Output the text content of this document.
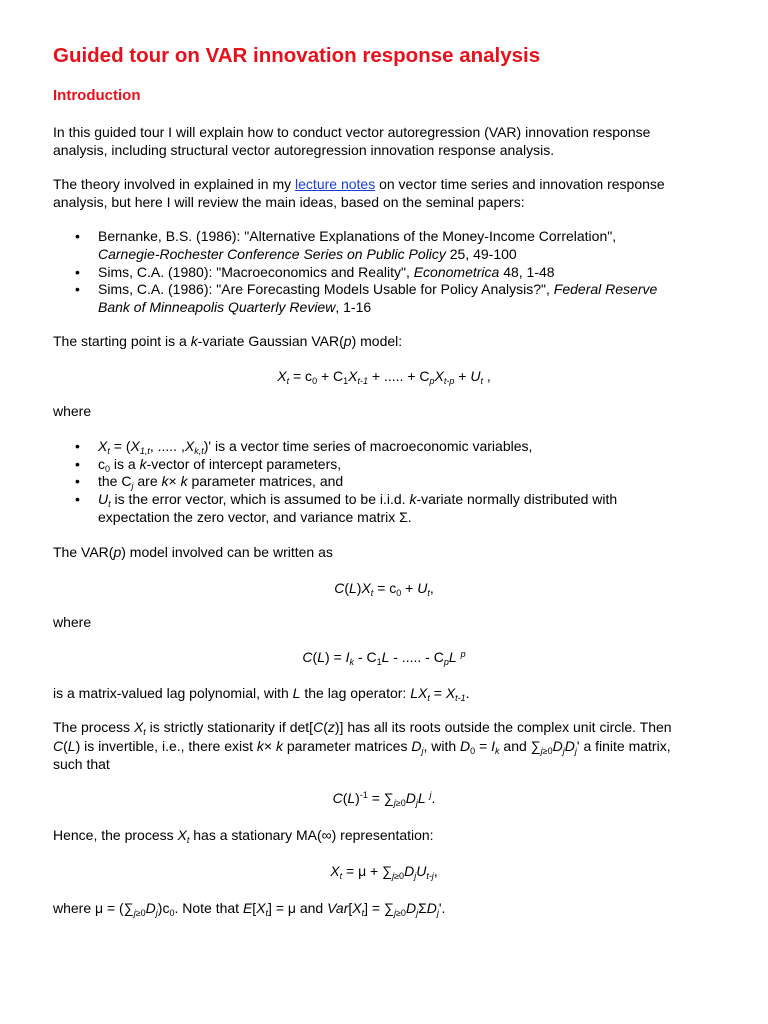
Guided tour on VAR innovation response analysis
Introduction
In this guided tour I will explain how to conduct vector autoregression (VAR) innovation response
analysis, including structural vector autoregression innovation response analysis.
The theory involved in explained in my lecture notes on vector time series and innovation response
analysis, but here I will review the main ideas, based on the seminal papers:
• Bernanke, B.S. (1986): "Alternative Explanations of the Money-Income Correlation",
Carnegie-Rochester Conference Series on Public Policy 25, 49-100
• Sims, C.A. (1980): "Macroeconomics and Reality", Econometrica 48, 1-48
• Sims, C.A. (1986): "Are Forecasting Models Usable for Policy Analysis?", Federal Reserve
Bank of Minneapolis Quarterly Review, 1-16
The starting point is a k-variate Gaussian VAR(p) model:
$X_t = c_0 + C_1X_{t-1}$ + ..... + $C_pX_{t-p} + U_t$ ,
where
• $X_t = (X_{1,t}$, ..... $,X_{k,t})'$ is a vector time series of macroeconomic variables,
• $c_0$ is a k-vector of intercept parameters,
• the $C_j$ are k× k parameter matrices, and
• $U_t$ is the error vector, which is assumed to be i.i.d. k-variate normally distributed with
expectation the zero vector, and variance matrix Σ.
The VAR(p) model involved can be written as
$C(L)X_t = c_0 + U_t$,
where
$C(L) = I_k - C_1L$ - ..... - $C_pL$ $^p$
is a matrix-valued lag polynomial, with L the lag operator: $LX_t = X_{t-1}$.
The process $X_t$ is strictly stationarity if det[C(z)] has all its roots outside the complex unit circle. Then
C(L) is invertible, i.e., there exist k× k parameter matrices $D_j$, with $D_0 = I_k$ and $\sum_{j\ge 0}D_jD_j'$ a finite matrix,
such that
$C(L)^{-1} = \sum_{j\ge 0}D_jL$ $^j$.
Hence, the process $X_t$ has a stationary MA(∞) representation:
$X_t = \mu + \sum_{j\ge 0}D_jU_{t-j}$,
where $\mu = (\sum_{j\ge 0}D_j)c_0$. Note that $E[X_t] = \mu$ and $Var[X_t] = \sum_{j\ge 0}D_j\Sigma D_j'$.
